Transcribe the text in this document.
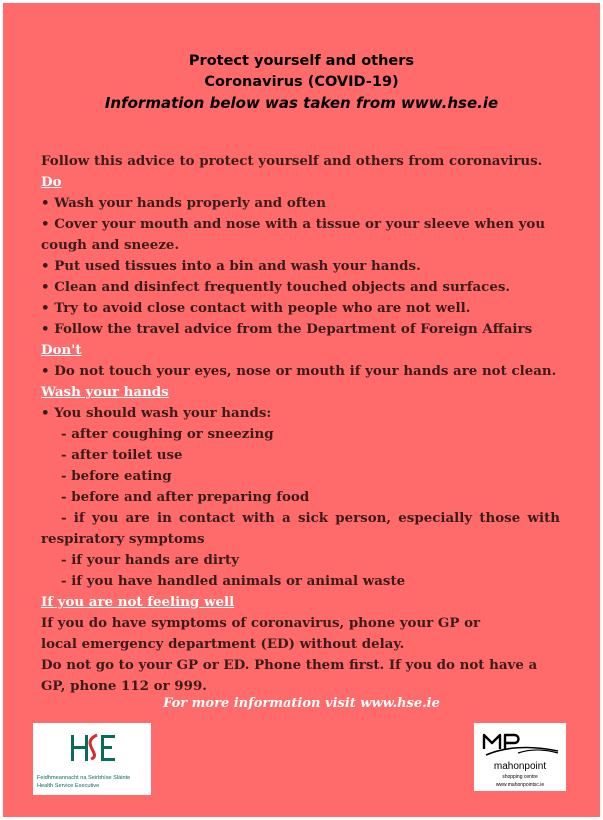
Protect yourself and others
Coronavirus (COVID-19)
Information below was taken from www.hse.ie
Follow this advice to protect yourself and others from coronavirus.
Do
• Wash your hands properly and often
• Cover your mouth and nose with a tissue or your sleeve when you cough and sneeze.
• Put used tissues into a bin and wash your hands.
• Clean and disinfect frequently touched objects and surfaces.
• Try to avoid close contact with people who are not well.
• Follow the travel advice from the Department of Foreign Affairs
Don't
• Do not touch your eyes, nose or mouth if your hands are not clean.
Wash your hands
• You should wash your hands:
- after coughing or sneezing
- after toilet use
- before eating
- before and after preparing food
- if you are in contact with a sick person, especially those with respiratory symptoms
- if your hands are dirty
- if you have handled animals or animal waste
If you are not feeling well
If you do have symptoms of coronavirus, phone your GP or local emergency department (ED) without delay.
Do not go to your GP or ED. Phone them first. If you do not have a GP, phone 112 or 999.
For more information visit www.hse.ie
Feidhmeannacht na Seirbhíse Sláinte
Health Service Executive
mahonpoint
shopping centre
www.mahonpointsc.ie
